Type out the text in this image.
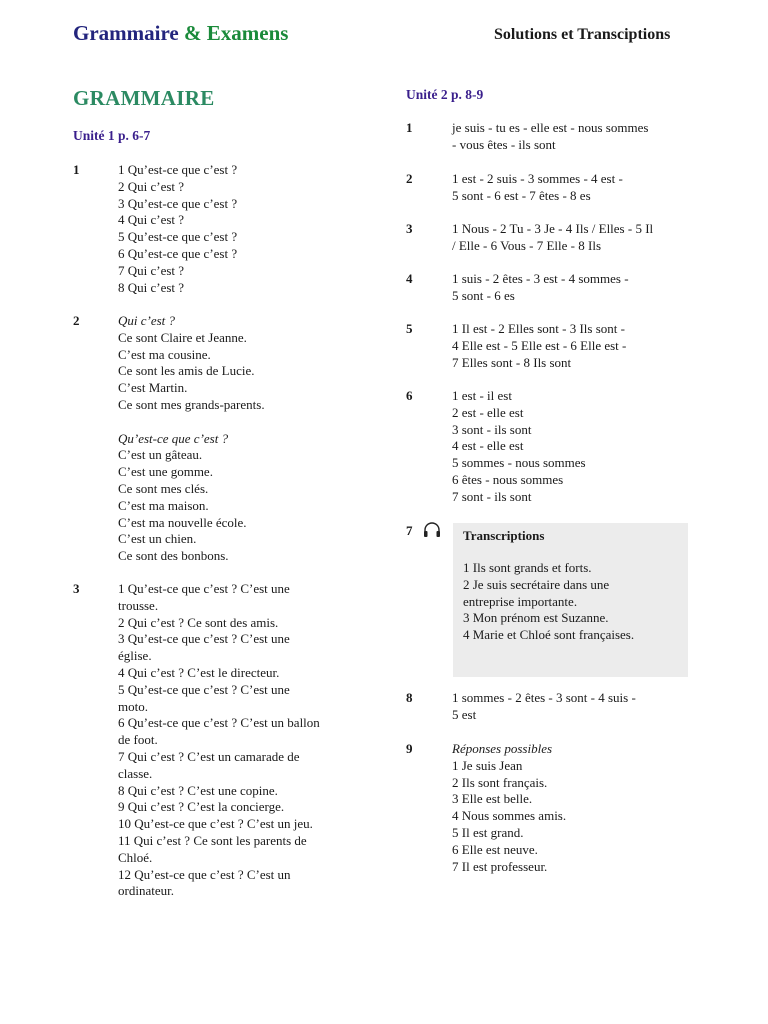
Grammaire & Examens	Solutions et Transciptions
GRAMMAIRE
Unité 1 p. 6-7
1	1 Qu’est-ce que c’est ?
2 Qui c’est ?
3 Qu’est-ce que c’est ?
4 Qui c’est ?
5 Qu’est-ce que c’est ?
6 Qu’est-ce que c’est ?
7 Qui c’est ?
8 Qui c’est ?
2	Qui c’est ?
Ce sont Claire et Jeanne.
C’est ma cousine.
Ce sont les amis de Lucie.
C’est Martin.
Ce sont mes grands-parents.
Qu’est-ce que c’est ?
C’est un gâteau.
C’est une gomme.
Ce sont mes clés.
C’est ma maison.
C’est ma nouvelle école.
C’est un chien.
Ce sont des bonbons.
3	1 Qu’est-ce que c’est ? C’est une
trousse.
2 Qui c’est ? Ce sont des amis.
3 Qu’est-ce que c’est ? C’est une
église.
4 Qui c’est ? C’est le directeur.
5 Qu’est-ce que c’est ? C’est une
moto.
6 Qu’est-ce que c’est ? C’est un ballon
de foot.
7 Qui c’est ? C’est un camarade de
classe.
8 Qui c’est ? C’est une copine.
9 Qui c’est ? C’est la concierge.
10 Qu’est-ce que c’est ? C’est un jeu.
11 Qui c’est ? Ce sont les parents de
Chloé.
12 Qu’est-ce que c’est ? C’est un
ordinateur.
Unité 2 p. 8-9
1	je suis - tu es - elle est - nous sommes
- vous êtes - ils sont
2	1 est - 2 suis - 3 sommes - 4 est -
5 sont - 6 est - 7 êtes - 8 es
3	1 Nous - 2 Tu - 3 Je - 4 Ils / Elles - 5 Il
/ Elle - 6 Vous - 7 Elle - 8 Ils
4	1 suis - 2 êtes - 3 est - 4 sommes -
5 sont - 6 es
5	1 Il est - 2 Elles sont - 3 Ils sont -
4 Elle est - 5 Elle est - 6 Elle est -
7 Elles sont - 8 Ils sont
6	1 est - il est
2 est - elle est
3 sont - ils sont
4 est - elle est
5 sommes - nous sommes
6 êtes - nous sommes
7 sont - ils sont
7	Transcriptions
1 Ils sont grands et forts.
2 Je suis secrétaire dans une
entreprise importante.
3 Mon prénom est Suzanne.
4 Marie et Chloé sont françaises.
8	1 sommes - 2 êtes - 3 sont - 4 suis -
5 est
9	Réponses possibles
1 Je suis Jean
2 Ils sont français.
3 Elle est belle.
4 Nous sommes amis.
5 Il est grand.
6 Elle est neuve.
7 Il est professeur.
